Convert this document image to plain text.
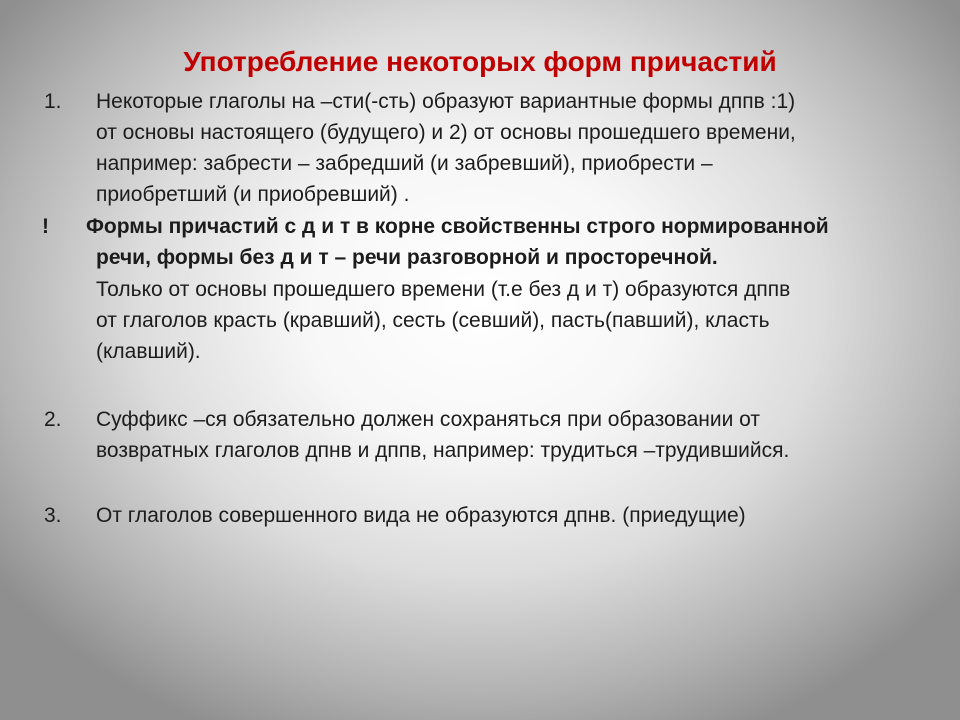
Употребление некоторых форм причастий
1. Некоторые глаголы на –сти(-сть) образуют вариантные формы дппв :1)
от основы настоящего (будущего) и 2) от основы прошедшего времени,
например: забрести – забредший (и забревший), приобрести –
приобретший (и приобревший) .
! Формы причастий с д и т в корне свойственны строго нормированной
речи, формы без д и т – речи разговорной и просторечной.
Только от основы прошедшего времени (т.е без д и т) образуются дппв
от глаголов красть (кравший), сесть (севший), пасть(павший), класть
(клавший).
2. Суффикс –ся обязательно должен сохраняться при образовании от
возвратных глаголов дпнв и дппв, например: трудиться –трудившийся.
3. От глаголов совершенного вида не образуются дпнв. (приедущие)
